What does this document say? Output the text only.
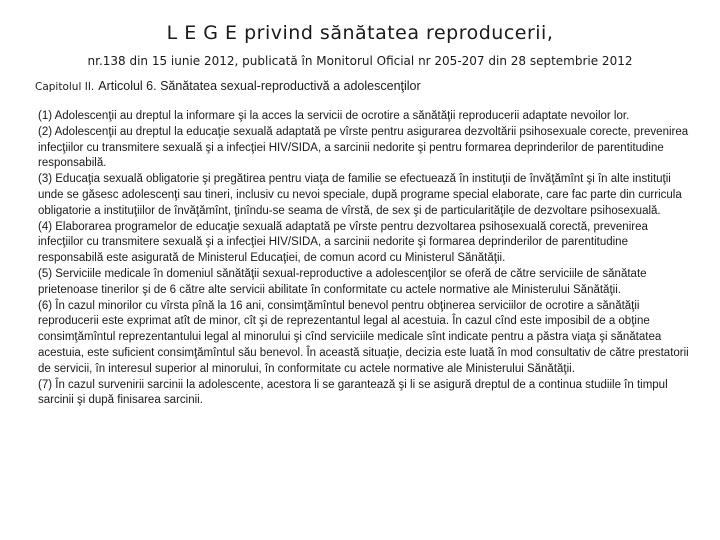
L E G E privind sănătatea reproducerii,
nr.138 din 15 iunie 2012, publicată în Monitorul Oficial nr 205-207 din 28 septembrie 2012
Capitolul II. Articolul 6. Sănătatea sexual-reproductivă a adolescenţilor

(1) Adolescenţii au dreptul la informare şi la acces la servicii de ocrotire a sănătăţii reproducerii adaptate nevoilor lor.

(2) Adolescenţii au dreptul la educaţie sexuală adaptată pe vîrste pentru asigurarea dezvoltării psihosexuale corecte, prevenirea infecţiilor cu transmitere sexuală şi a infecţiei HIV/SIDA, a sarcinii nedorite şi pentru formarea deprinderilor de parentitudine responsabilă.

(3) Educaţia sexuală obligatorie şi pregătirea pentru viaţa de familie se efectuează în instituţii de învăţămînt şi în alte instituţii unde se găsesc adolescenţi sau tineri, inclusiv cu nevoi speciale, după programe special elaborate, care fac parte din curricula obligatorie a instituţiilor de învăţămînt, ţinîndu-se seama de vîrstă, de sex şi de particularităţile de dezvoltare psihosexuală.

(4) Elaborarea programelor de educaţie sexuală adaptată pe vîrste pentru dezvoltarea psihosexuală corectă, prevenirea infecţiilor cu transmitere sexuală şi a infecţiei HIV/SIDA, a sarcinii nedorite şi formarea deprinderilor de parentitudine responsabilă este asigurată de Ministerul Educaţiei, de comun acord cu Ministerul Sănătăţii.

(5) Serviciile medicale în domeniul sănătăţii sexual-reproductive a adolescenţilor se oferă de către serviciile de sănătate prietenoase tinerilor şi de 6 către alte servicii abilitate în conformitate cu actele normative ale Ministerului Sănătăţii.

(6) În cazul minorilor cu vîrsta pînă la 16 ani, consimţămîntul benevol pentru obţinerea serviciilor de ocrotire a sănătăţii reproducerii este exprimat atît de minor, cît şi de reprezentantul legal al acestuia. În cazul cînd este imposibil de a obţine consimţămîntul reprezentantului legal al minorului şi cînd serviciile medicale sînt indicate pentru a păstra viaţa şi sănătatea acestuia, este suficient consimţămîntul său benevol. În această situaţie, decizia este luată în mod consultativ de către prestatorii de servicii, în interesul superior al minorului, în conformitate cu actele normative ale Ministerului Sănătăţii.

(7) În cazul survenirii sarcinii la adolescente, acestora li se garantează şi li se asigură dreptul de a continua studiile în timpul sarcinii şi după finisarea sarcinii.
